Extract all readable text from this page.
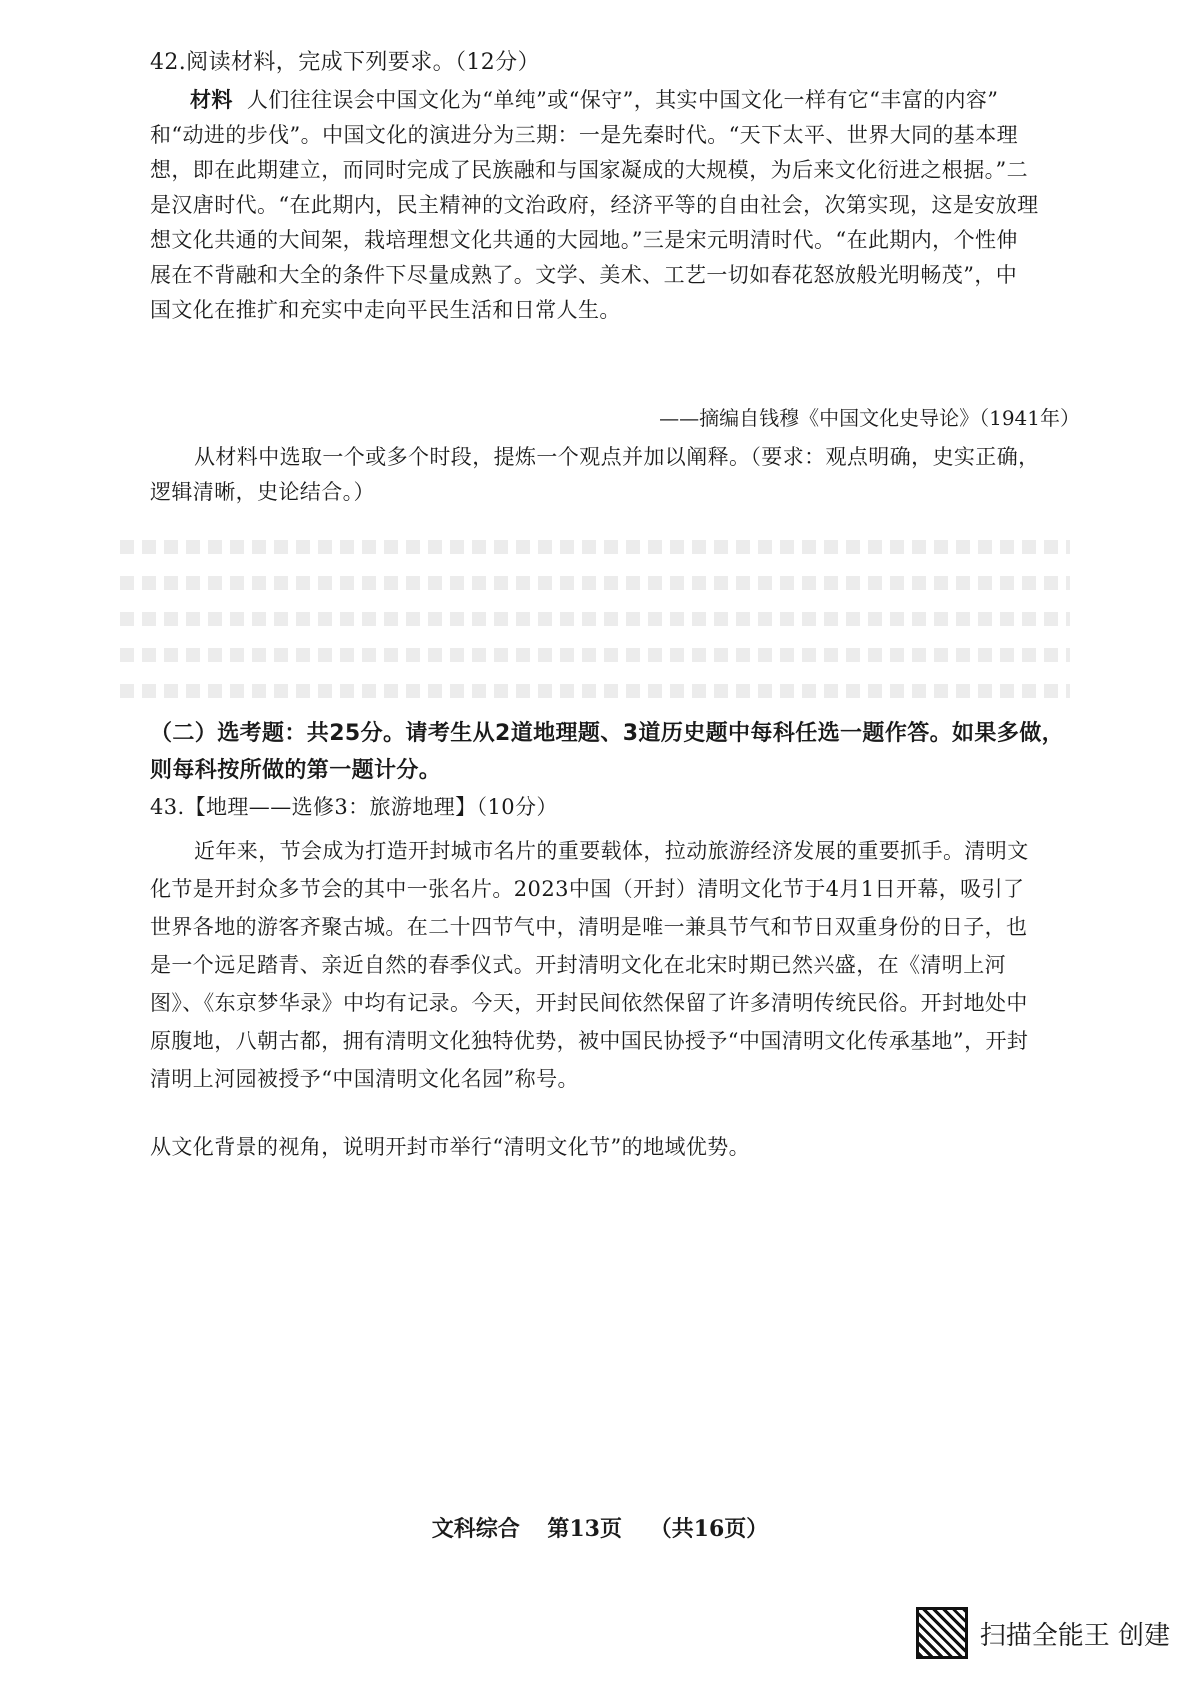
42.阅读材料，完成下列要求。（12分）
材料 人们往往误会中国文化为“单纯”或“保守”，其实中国文化一样有它“丰富的内容”
和“动进的步伐”。中国文化的演进分为三期：一是先秦时代。“天下太平、世界大同的基本理
想，即在此期建立，而同时完成了民族融和与国家凝成的大规模，为后来文化衍进之根据。”二
是汉唐时代。“在此期内，民主精神的文治政府，经济平等的自由社会，次第实现，这是安放理
想文化共通的大间架，栽培理想文化共通的大园地。”三是宋元明清时代。“在此期内，个性伸
展在不背融和大全的条件下尽量成熟了。文学、美术、工艺一切如春花怒放般光明畅茂”，中
国文化在推扩和充实中走向平民生活和日常人生。
——摘编自钱穆《中国文化史导论》（1941年）
从材料中选取一个或多个时段，提炼一个观点并加以阐释。（要求：观点明确，史实正确，
逻辑清晰，史论结合。）
（二）选考题：共25分。请考生从2道地理题、3道历史题中每科任选一题作答。如果多做，
则每科按所做的第一题计分。
43.【地理——选修3：旅游地理】（10分）
近年来，节会成为打造开封城市名片的重要载体，拉动旅游经济发展的重要抓手。清明文
化节是开封众多节会的其中一张名片。2023中国（开封）清明文化节于4月1日开幕，吸引了
世界各地的游客齐聚古城。在二十四节气中，清明是唯一兼具节气和节日双重身份的日子，也
是一个远足踏青、亲近自然的春季仪式。开封清明文化在北宋时期已然兴盛，在《清明上河
图》、《东京梦华录》中均有记录。今天，开封民间依然保留了许多清明传统民俗。开封地处中
原腹地，八朝古都，拥有清明文化独特优势，被中国民协授予“中国清明文化传承基地”，开封
清明上河园被授予“中国清明文化名园”称号。
从文化背景的视角，说明开封市举行“清明文化节”的地域优势。
文科综合 第13页 （共16页）
扫描全能王 创建
